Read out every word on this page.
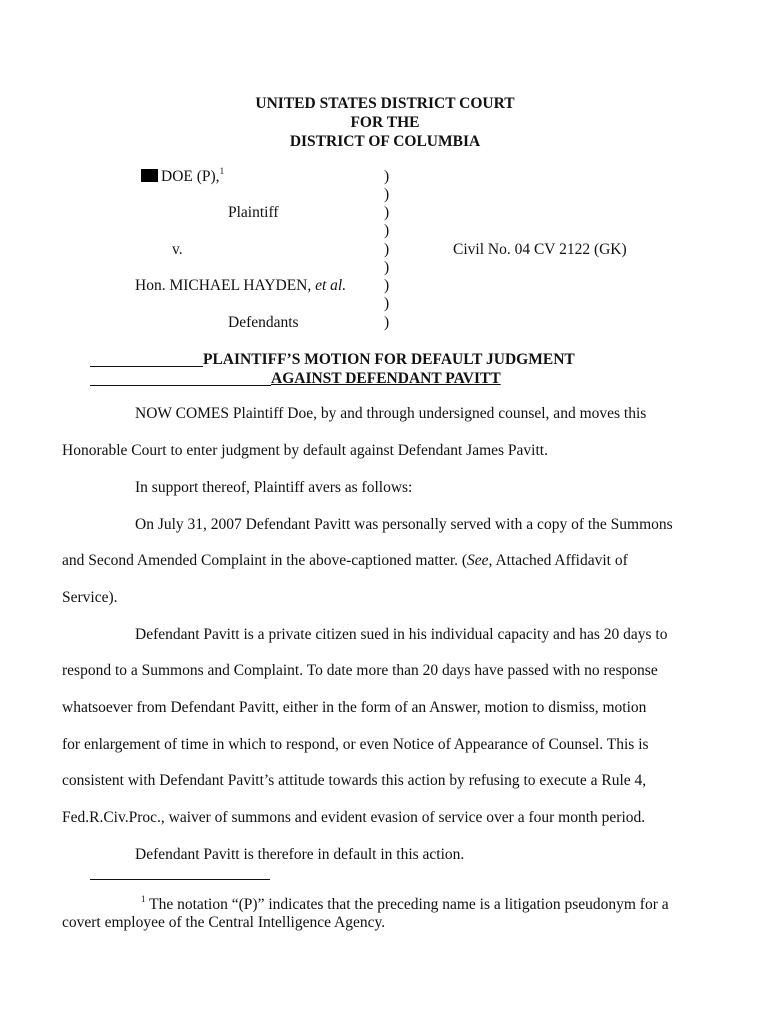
UNITED STATES DISTRICT COURT
FOR THE
DISTRICT OF COLUMBIA
DOE (P),$^1$
Plaintiff
v.
Hon. MICHAEL HAYDEN, et al.
Defendants
)
)
)
)
)
)
)
)
)
Civil No. 04 CV 2122 (GK)
PLAINTIFF’S MOTION FOR DEFAULT JUDGMENT
AGAINST DEFENDANT PAVITT
NOW COMES Plaintiff Doe, by and through undersigned counsel, and moves this
Honorable Court to enter judgment by default against Defendant James Pavitt.
In support thereof, Plaintiff avers as follows:
On July 31, 2007 Defendant Pavitt was personally served with a copy of the Summons
and Second Amended Complaint in the above-captioned matter. (See, Attached Affidavit of
Service).
Defendant Pavitt is a private citizen sued in his individual capacity and has 20 days to
respond to a Summons and Complaint. To date more than 20 days have passed with no response
whatsoever from Defendant Pavitt, either in the form of an Answer, motion to dismiss, motion
for enlargement of time in which to respond, or even Notice of Appearance of Counsel. This is
consistent with Defendant Pavitt’s attitude towards this action by refusing to execute a Rule 4,
Fed.R.Civ.Proc., waiver of summons and evident evasion of service over a four month period.
Defendant Pavitt is therefore in default in this action.
$^1$ The notation “(P)” indicates that the preceding name is a litigation pseudonym for a
covert employee of the Central Intelligence Agency.
